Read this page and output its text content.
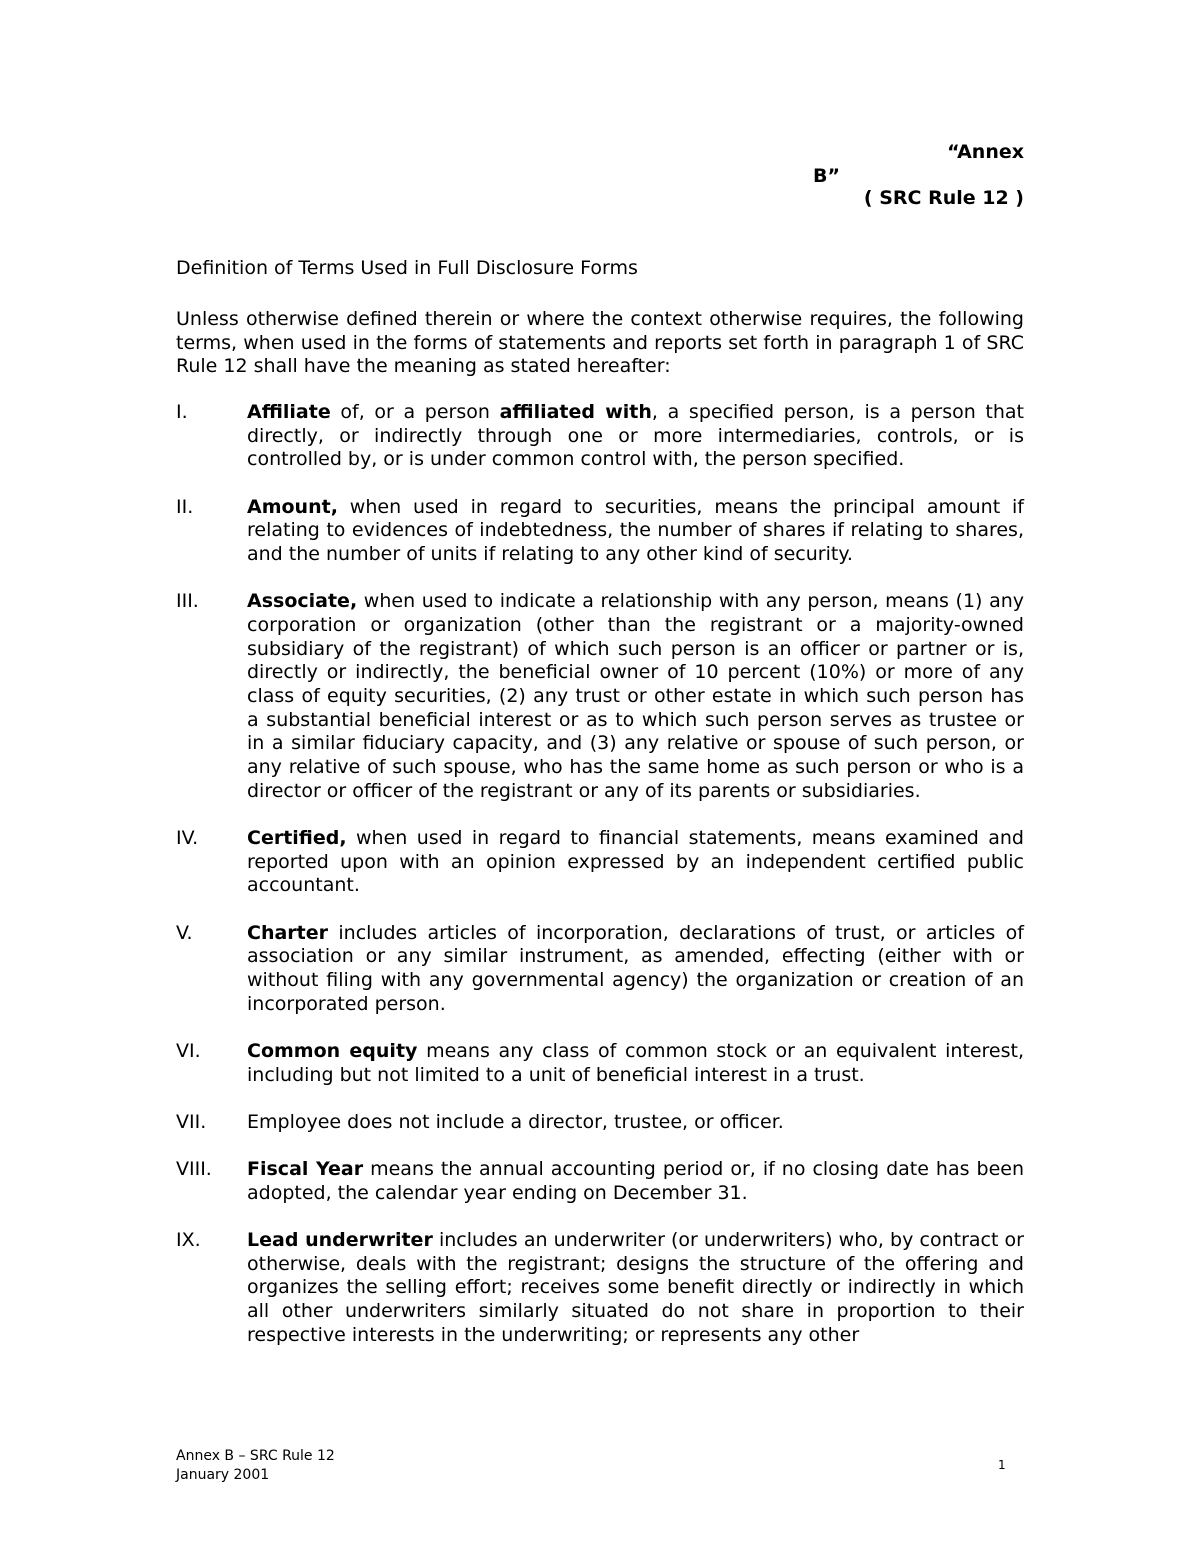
“Annex
B”
( SRC Rule 12 )
Definition of Terms Used in Full Disclosure Forms

Unless otherwise defined therein or where the context otherwise requires, the following terms, when used in the forms of statements and reports set forth in paragraph 1 of SRC Rule 12 shall have the meaning as stated hereafter:

I.	Affiliate of, or a person affiliated with, a specified person, is a person that directly, or indirectly through one or more intermediaries, controls, or is controlled by, or is under common control with, the person specified.
II.	Amount, when used in regard to securities, means the principal amount if relating to evidences of indebtedness, the number of shares if relating to shares, and the number of units if relating to any other kind of security.
III.	Associate, when used to indicate a relationship with any person, means (1) any corporation or organization (other than the registrant or a majority-owned subsidiary of the registrant) of which such person is an officer or partner or is, directly or indirectly, the beneficial owner of 10 percent (10%) or more of any class of equity securities, (2) any trust or other estate in which such person has a substantial beneficial interest or as to which such person serves as trustee or in a similar fiduciary capacity, and (3) any relative or spouse of such person, or any relative of such spouse, who has the same home as such person or who is a director or officer of the registrant or any of its parents or subsidiaries.
IV.	Certified, when used in regard to financial statements, means examined and reported upon with an opinion expressed by an independent certified public accountant.
V.	Charter includes articles of incorporation, declarations of trust, or articles of association or any similar instrument, as amended, effecting (either with or without filing with any governmental agency) the organization or creation of an incorporated person.
VI.	Common equity means any class of common stock or an equivalent interest, including but not limited to a unit of beneficial interest in a trust.
VII.	Employee does not include a director, trustee, or officer.
VIII.	Fiscal Year means the annual accounting period or, if no closing date has been adopted, the calendar year ending on December 31.
IX.	Lead underwriter includes an underwriter (or underwriters) who, by contract or otherwise, deals with the registrant; designs the structure of the offering and organizes the selling effort; receives some benefit directly or indirectly in which all other underwriters similarly situated do not share in proportion to their respective interests in the underwriting; or represents any other
Annex B – SRC Rule 12
January 2001
1
